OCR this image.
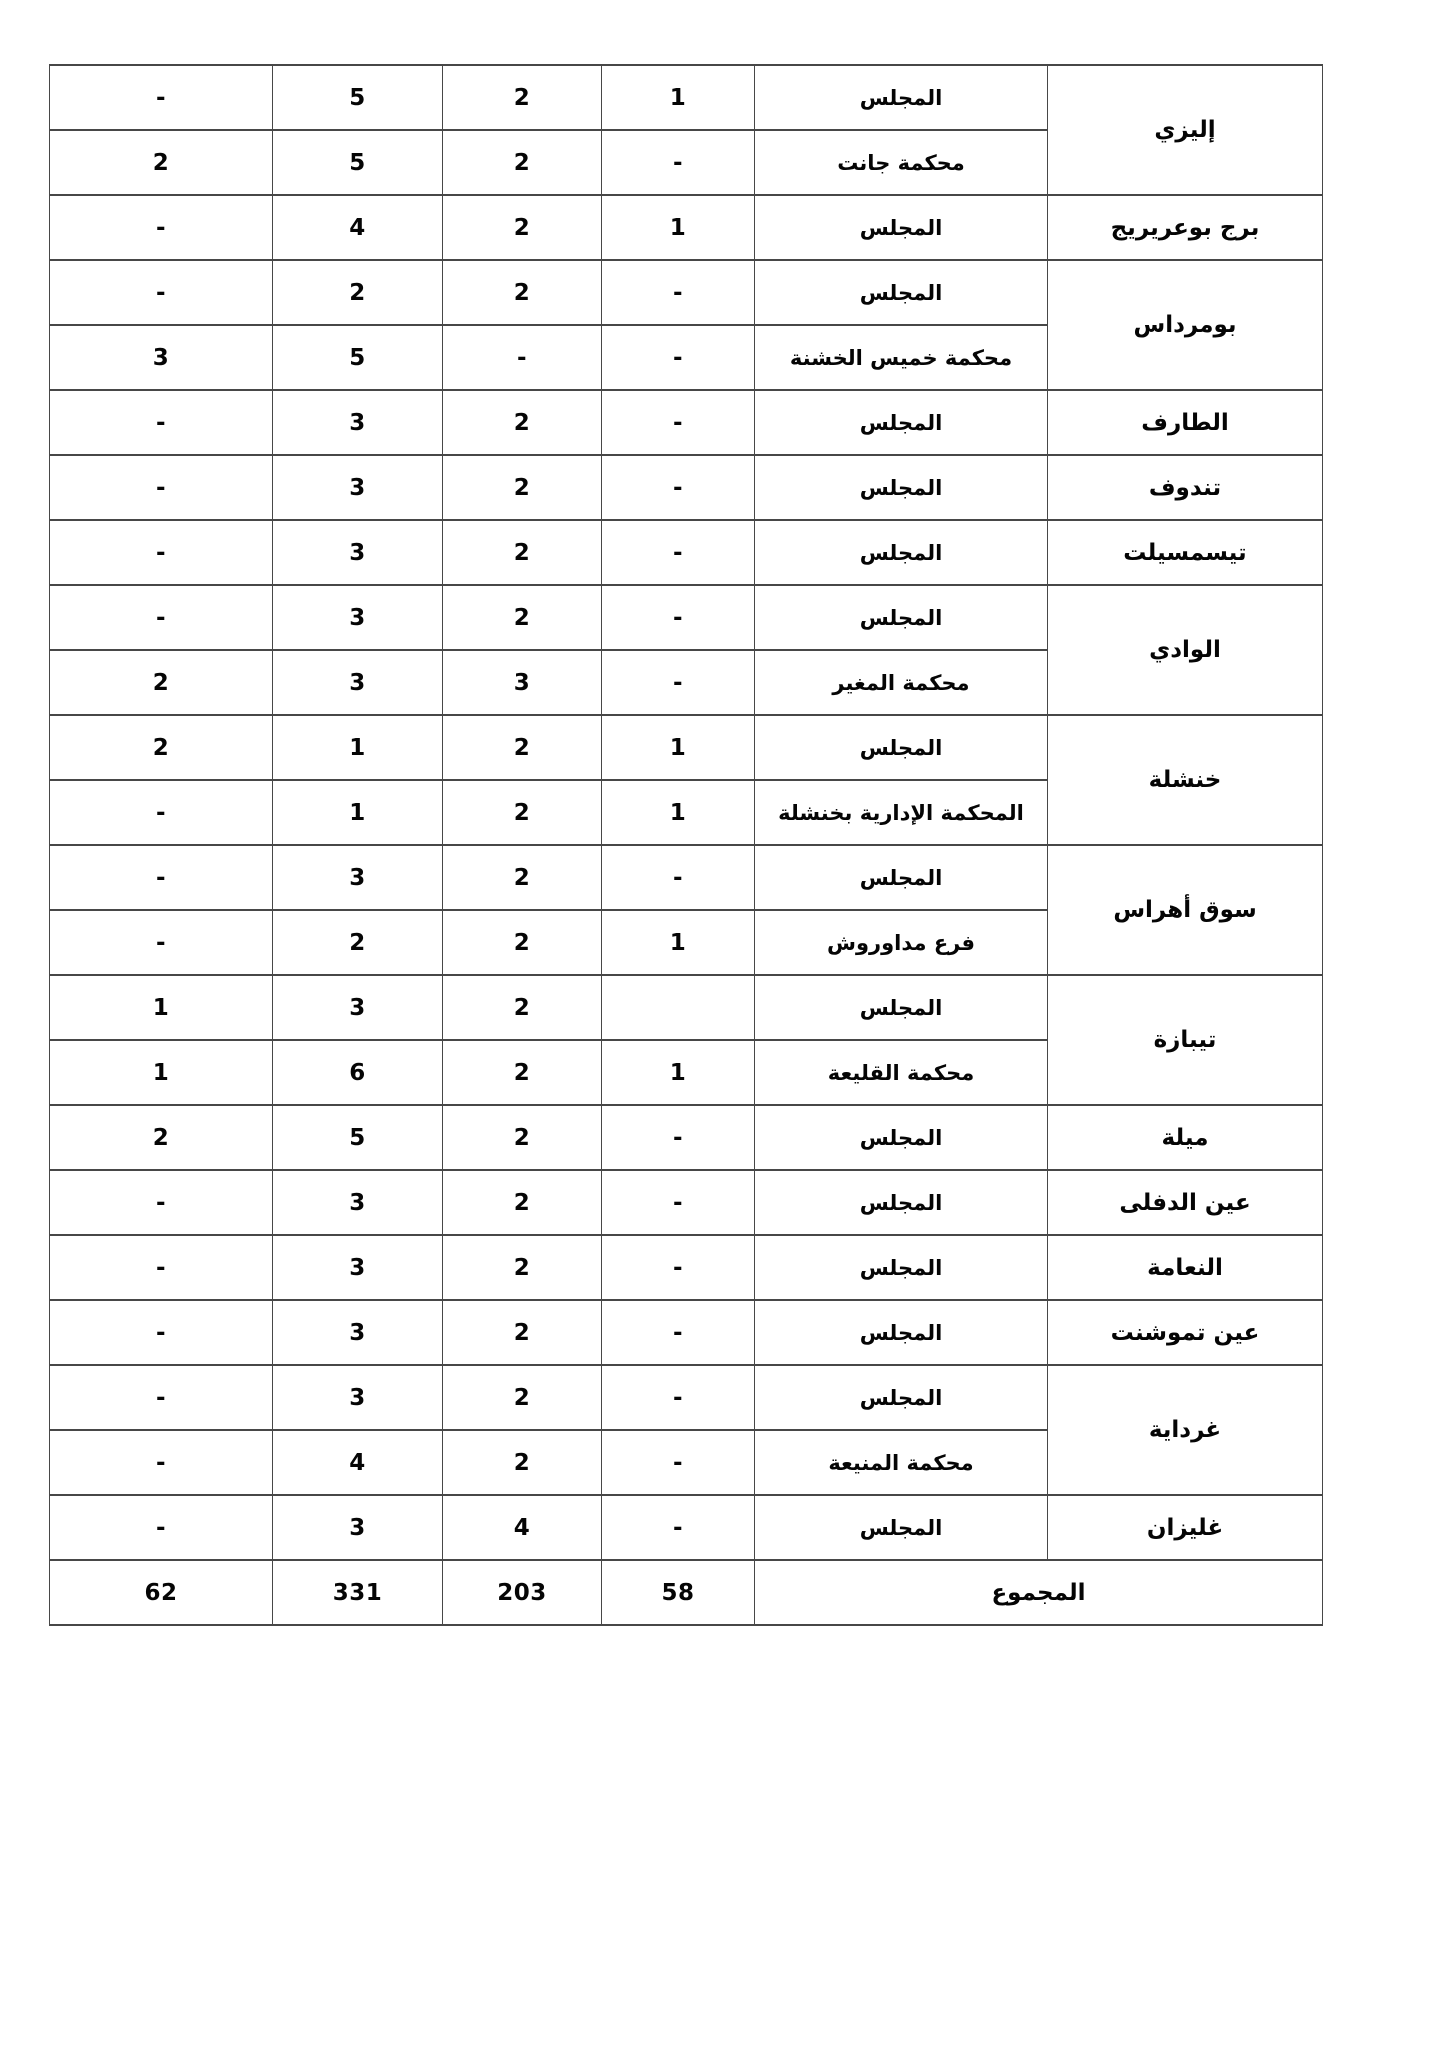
إليزي	المجلس	1	2	5	-
	محكمة جانت	-	2	5	2
برج بوعريريج	المجلس	1	2	4	-
بومرداس	المجلس	-	2	2	-
	محكمة خميس الخشنة	-	-	5	3
الطارف	المجلس	-	2	3	-
تندوف	المجلس	-	2	3	-
تيسمسيلت	المجلس	-	2	3	-
الوادي	المجلس	-	2	3	-
	محكمة المغير	-	3	3	2
خنشلة	المجلس	1	2	1	2
	المحكمة الإدارية بخنشلة	1	2	1	-
سوق أهراس	المجلس	-	2	3	-
	فرع مداوروش	1	2	2	-
تيبازة	المجلس		2	3	1
	محكمة القليعة	1	2	6	1
ميلة	المجلس	-	2	5	2
عين الدفلى	المجلس	-	2	3	-
النعامة	المجلس	-	2	3	-
عين تموشنت	المجلس	-	2	3	-
غرداية	المجلس	-	2	3	-
	محكمة المنيعة	-	2	4	-
غليزان	المجلس	-	4	3	-
المجموع		58	203	331	62
